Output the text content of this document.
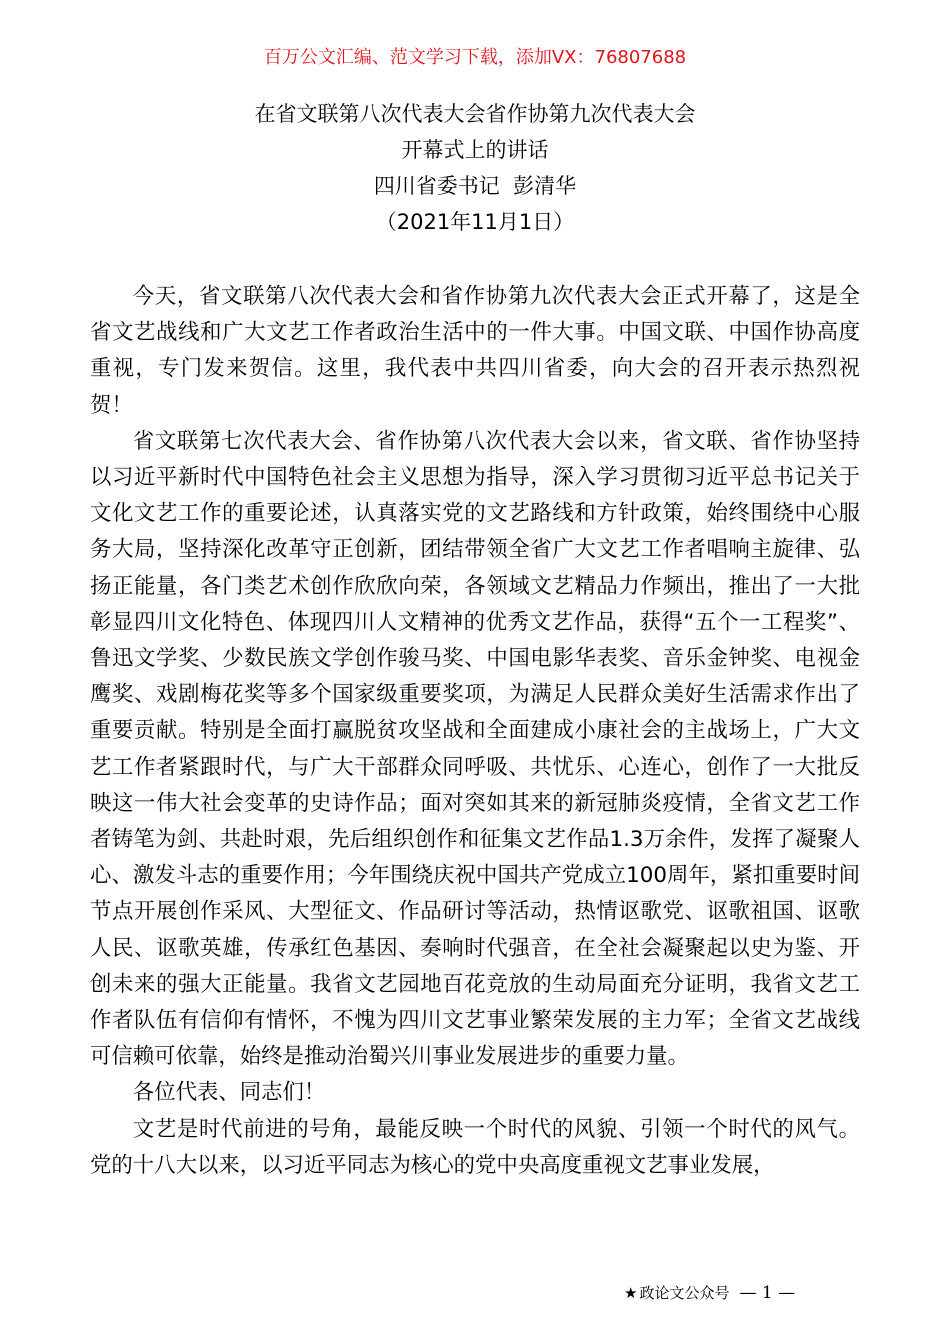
百万公文汇编、范文学习下载，添加VX：76807688
在省文联第八次代表大会省作协第九次代表大会
开幕式上的讲话
四川省委书记  彭清华
（2021年11月1日）

今天，省文联第八次代表大会和省作协第九次代表大会正式开幕了，这是全省文艺战线和广大文艺工作者政治生活中的一件大事。中国文联、中国作协高度重视，专门发来贺信。这里，我代表中共四川省委，向大会的召开表示热烈祝贺！

省文联第七次代表大会、省作协第八次代表大会以来，省文联、省作协坚持以习近平新时代中国特色社会主义思想为指导，深入学习贯彻习近平总书记关于文化文艺工作的重要论述，认真落实党的文艺路线和方针政策，始终围绕中心服务大局，坚持深化改革守正创新，团结带领全省广大文艺工作者唱响主旋律、弘扬正能量，各门类艺术创作欣欣向荣，各领域文艺精品力作频出，推出了一大批彰显四川文化特色、体现四川人文精神的优秀文艺作品，获得“五个一工程奖”、鲁迅文学奖、少数民族文学创作骏马奖、中国电影华表奖、音乐金钟奖、电视金鹰奖、戏剧梅花奖等多个国家级重要奖项，为满足人民群众美好生活需求作出了重要贡献。特别是全面打赢脱贫攻坚战和全面建成小康社会的主战场上，广大文艺工作者紧跟时代，与广大干部群众同呼吸、共忧乐、心连心，创作了一大批反映这一伟大社会变革的史诗作品；面对突如其来的新冠肺炎疫情，全省文艺工作者铸笔为剑、共赴时艰，先后组织创作和征集文艺作品1.3万余件，发挥了凝聚人心、激发斗志的重要作用；今年围绕庆祝中国共产党成立100周年，紧扣重要时间节点开展创作采风、大型征文、作品研讨等活动，热情讴歌党、讴歌祖国、讴歌人民、讴歌英雄，传承红色基因、奏响时代强音，在全社会凝聚起以史为鉴、开创未来的强大正能量。我省文艺园地百花竞放的生动局面充分证明，我省文艺工作者队伍有信仰有情怀，不愧为四川文艺事业繁荣发展的主力军；全省文艺战线可信赖可依靠，始终是推动治蜀兴川事业发展进步的重要力量。

各位代表、同志们！

文艺是时代前进的号角，最能反映一个时代的风貌、引领一个时代的风气。党的十八大以来，以习近平同志为核心的党中央高度重视文艺事业发展，

★ 政论文公众号 — 1 —
